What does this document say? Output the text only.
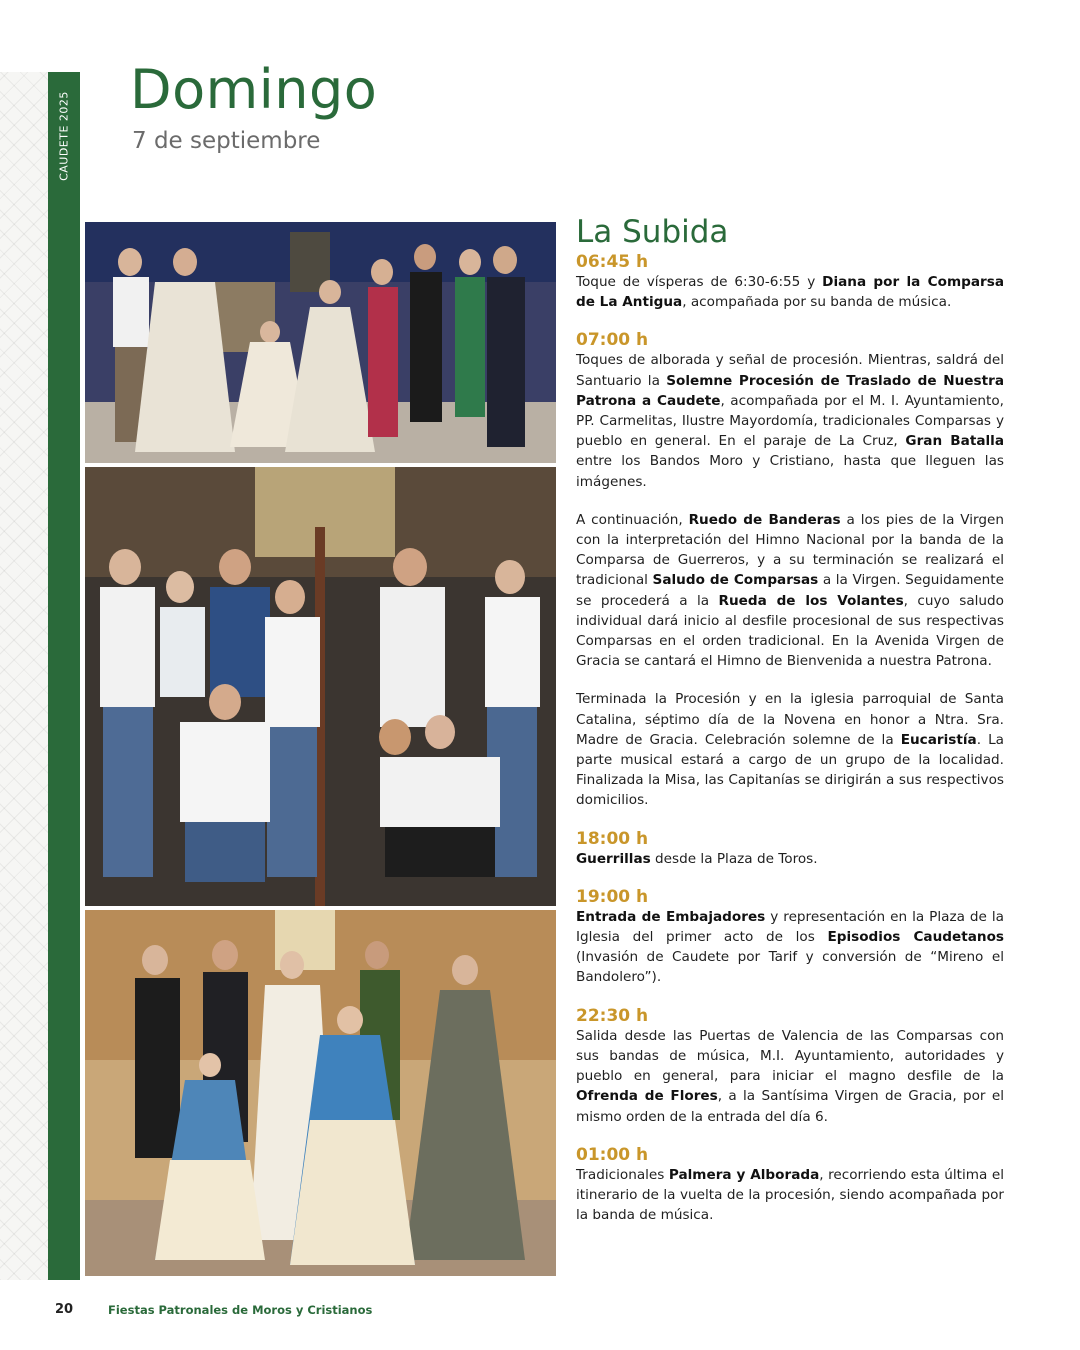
CAUDETE 2025
Domingo

7 de septiembre

La Subida

06:45 h

Toque de vísperas de 6:30-6:55 y Diana por la Comparsa de La Antigua, acompañada por su banda de música.

07:00 h

Toques de alborada y señal de procesión. Mientras, saldrá del Santuario la Solemne Procesión de Traslado de Nuestra Patrona a Caudete, acompañada por el M. I. Ayuntamiento, PP. Carmelitas, Ilustre Mayordomía, tradicionales Comparsas y pueblo en general. En el paraje de La Cruz, Gran Batalla entre los Bandos Moro y Cristiano, hasta que lleguen las imágenes.

A continuación, Ruedo de Banderas a los pies de la Virgen con la interpretación del Himno Nacional por la banda de la Comparsa de Guerreros, y a su terminación se realizará el tradicional Saludo de Comparsas a la Virgen. Seguidamente se procederá a la Rueda de los Volantes, cuyo saludo individual dará inicio al desfile procesional de sus respectivas Comparsas en el orden tradicional. En la Avenida Virgen de Gracia se cantará el Himno de Bienvenida a nuestra Patrona.

Terminada la Procesión y en la iglesia parroquial de Santa Catalina, séptimo día de la Novena en honor a Ntra. Sra. Madre de Gracia. Celebración solemne de la Eucaristía. La parte musical estará a cargo de un grupo de la localidad. Finalizada la Misa, las Capitanías se dirigirán a sus respectivos domicilios.

18:00 h

Guerrillas desde la Plaza de Toros.

19:00 h

Entrada de Embajadores y representación en la Plaza de la Iglesia del primer acto de los Episodios Caudetanos (Invasión de Caudete por Tarif y conversión de “Mireno el Bandolero”).

22:30 h

Salida desde las Puertas de Valencia de las Comparsas con sus bandas de música, M.I. Ayuntamiento, autoridades y pueblo en general, para iniciar el magno desfile de la Ofrenda de Flores, a la Santísima Virgen de Gracia, por el mismo orden de la entrada del día 6.

01:00 h

Tradicionales Palmera y Alborada, recorriendo esta última el itinerario de la vuelta de la procesión, siendo acompañada por la banda de música.

20	Fiestas Patronales de Moros y Cristianos
